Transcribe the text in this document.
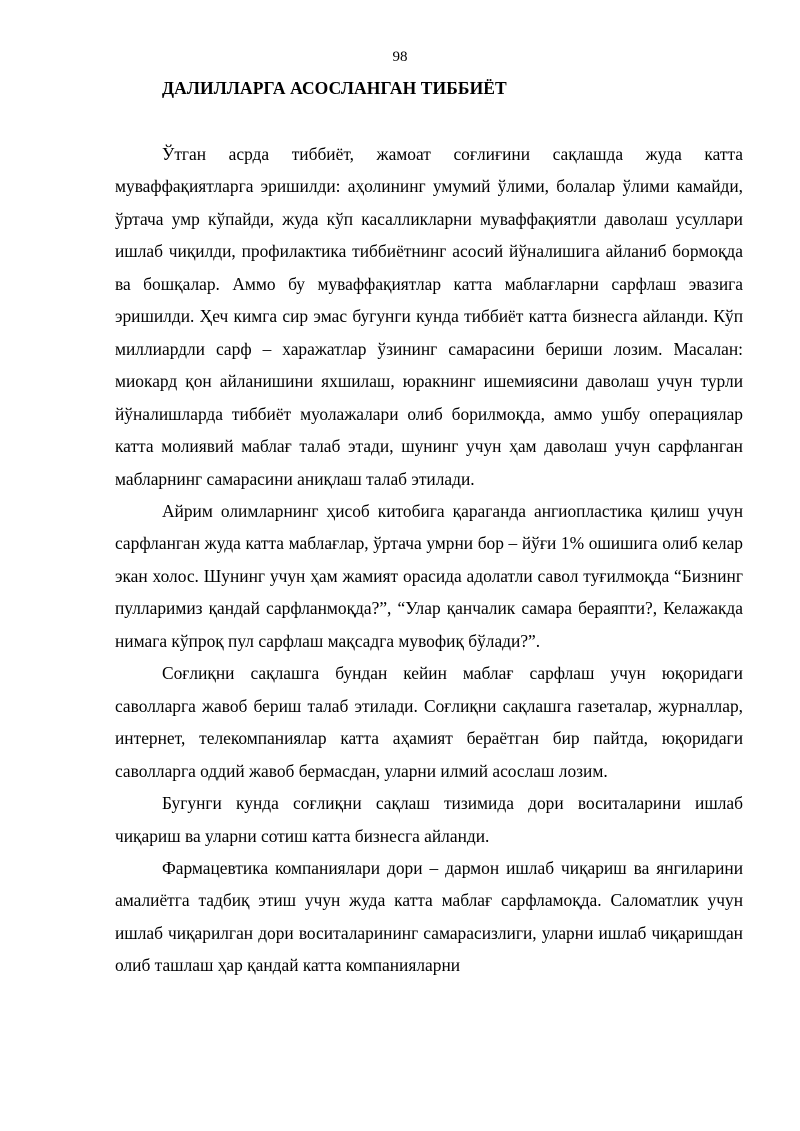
98
ДАЛИЛЛАРГА АСОСЛАНГАН ТИББИЁТ

Ўтган асрда тиббиёт, жамоат соғлиғини сақлашда жуда катта муваффақиятларга эришилди: аҳолининг умумий ўлими, болалар ўлими камайди, ўртача умр кўпайди, жуда кўп касалликларни муваффақиятли даволаш усуллари ишлаб чиқилди, профилактика тиббиётнинг асосий йўналишига айланиб бормоқда ва бошқалар. Аммо бу муваффақиятлар катта маблағларни сарфлаш эвазига эришилди. Ҳеч кимга сир эмас бугунги кунда тиббиёт катта бизнесга айланди. Кўп миллиардли сарф – харажатлар ўзининг самарасини бериши лозим. Масалан: миокард қон айланишини яхшилаш, юракнинг ишемиясини даволаш учун турли йўналишларда тиббиёт муолажалари олиб борилмоқда, аммо ушбу операциялар катта молиявий маблағ талаб этади, шунинг учун ҳам даволаш учун сарфланган мабларнинг самарасини аниқлаш талаб этилади.

Айрим олимларнинг ҳисоб китобига қараганда ангиопластика қилиш учун сарфланган жуда катта маблағлар, ўртача умрни бор – йўғи 1% ошишига олиб келар экан холос. Шунинг учун ҳам жамият орасида адолатли савол туғилмоқда “Бизнинг пулларимиз қандай сарфланмоқда?”, “Улар қанчалик самара бераяпти?, Келажакда нимага кўпроқ пул сарфлаш мақсадга мувофиқ бўлади?”.

Соғлиқни сақлашга бундан кейин маблағ сарфлаш учун юқоридаги саволларга жавоб бериш талаб этилади. Соғлиқни сақлашга газеталар, журналлар, интернет, телекомпаниялар катта аҳамият бераётган бир пайтда, юқоридаги саволларга оддий жавоб бермасдан, уларни илмий асослаш лозим.

Бугунги кунда соғлиқни сақлаш тизимида дори воситаларини ишлаб чиқариш ва уларни сотиш катта бизнесга айланди.

Фармацевтика компаниялари дори – дармон ишлаб чиқариш ва янгиларини амалиётга тадбиқ этиш учун жуда катта маблағ сарфламоқда. Саломатлик учун ишлаб чиқарилган дори воситаларининг самарасизлиги, уларни ишлаб чиқаришдан олиб ташлаш ҳар қандай катта компанияларни
